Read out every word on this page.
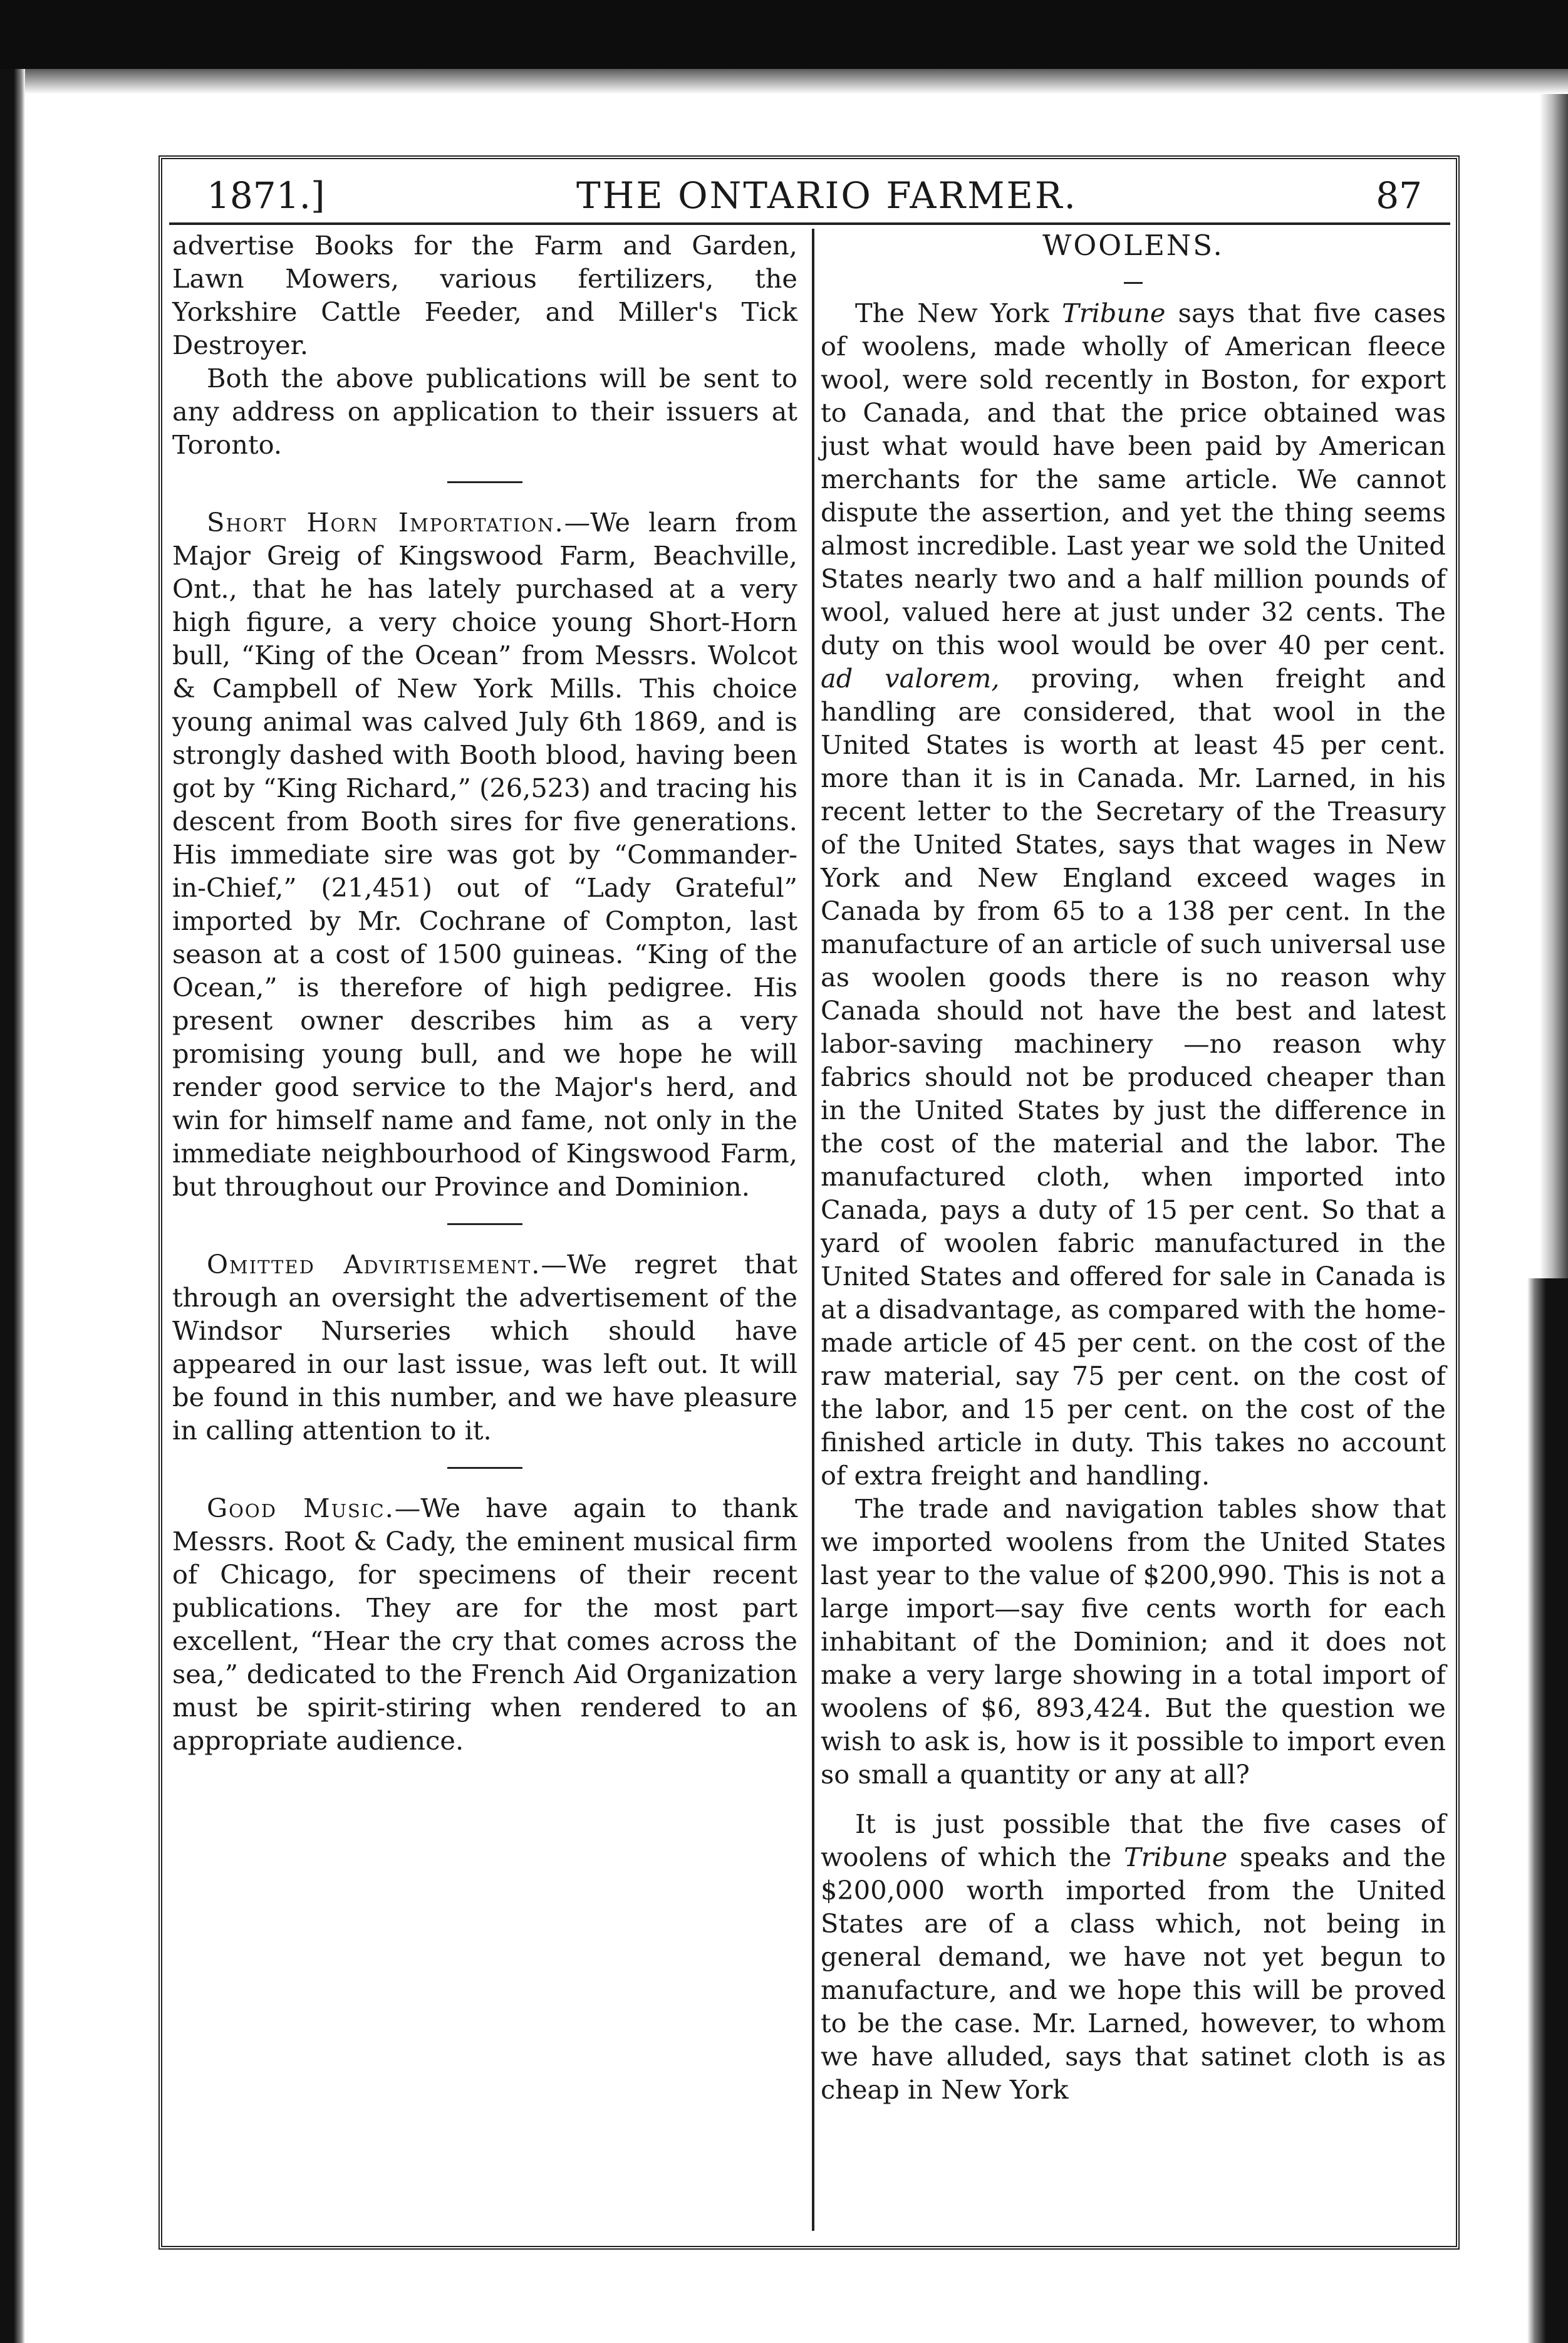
1871.]	THE ONTARIO FARMER.	87

advertise Books for the Farm and Garden, Lawn Mowers, various fertilizers, the Yorkshire Cattle Feeder, and Miller's Tick Destroyer.

Both the above publications will be sent to any address on application to their issuers at Toronto.

Short Horn Importation.—We learn from Major Greig of Kingswood Farm, Beachville, Ont., that he has lately purchased at a very high figure, a very choice young Short-Horn bull, “King of the Ocean” from Messrs. Wolcot & Campbell of New York Mills. This choice young animal was calved July 6th 1869, and is strongly dashed with Booth blood, having been got by “King Richard,” (26,523) and tracing his descent from Booth sires for five generations. His immediate sire was got by “Commander-in-Chief,” (21,451) out of “Lady Grateful” imported by Mr. Cochrane of Compton, last season at a cost of 1500 guineas. “King of the Ocean,” is therefore of high pedigree. His present owner describes him as a very promising young bull, and we hope he will render good service to the Major's herd, and win for himself name and fame, not only in the immediate neighbourhood of Kingswood Farm, but throughout our Province and Dominion.

Omitted Advirtisement.—We regret that through an oversight the advertisement of the Windsor Nurseries which should have appeared in our last issue, was left out. It will be found in this number, and we have pleasure in calling attention to it.

Good Music.—We have again to thank Messrs. Root & Cady, the eminent musical firm of Chicago, for specimens of their recent publications. They are for the most part excellent, “Hear the cry that comes across the sea,” dedicated to the French Aid Organization must be spirit-stiring when rendered to an appropriate audience.

WOOLENS.

The New York Tribune says that five cases of woolens, made wholly of American fleece wool, were sold recently in Boston, for export to Canada, and that the price obtained was just what would have been paid by American merchants for the same article. We cannot dispute the assertion, and yet the thing seems almost incredible. Last year we sold the United States nearly two and a half million pounds of wool, valued here at just under 32 cents. The duty on this wool would be over 40 per cent. ad valorem, proving, when freight and handling are considered, that wool in the United States is worth at least 45 per cent. more than it is in Canada. Mr. Larned, in his recent letter to the Secretary of the Treasury of the United States, says that wages in New York and New England exceed wages in Canada by from 65 to a 138 per cent. In the manufacture of an article of such universal use as woolen goods there is no reason why Canada should not have the best and latest labor-saving machinery —no reason why fabrics should not be produced cheaper than in the United States by just the difference in the cost of the material and the labor. The manufactured cloth, when imported into Canada, pays a duty of 15 per cent. So that a yard of woolen fabric manufactured in the United States and offered for sale in Canada is at a disadvantage, as compared with the home-made article of 45 per cent. on the cost of the raw material, say 75 per cent. on the cost of the labor, and 15 per cent. on the cost of the finished article in duty. This takes no account of extra freight and handling.

The trade and navigation tables show that we imported woolens from the United States last year to the value of $200,990. This is not a large import—say five cents worth for each inhabitant of the Dominion; and it does not make a very large showing in a total import of woolens of $6, 893,424. But the question we wish to ask is, how is it possible to import even so small a quantity or any at all?

It is just possible that the five cases of woolens of which the Tribune speaks and the $200,000 worth imported from the United States are of a class which, not being in general demand, we have not yet begun to manufacture, and we hope this will be proved to be the case. Mr. Larned, however, to whom we have alluded, says that satinet cloth is as cheap in New York
